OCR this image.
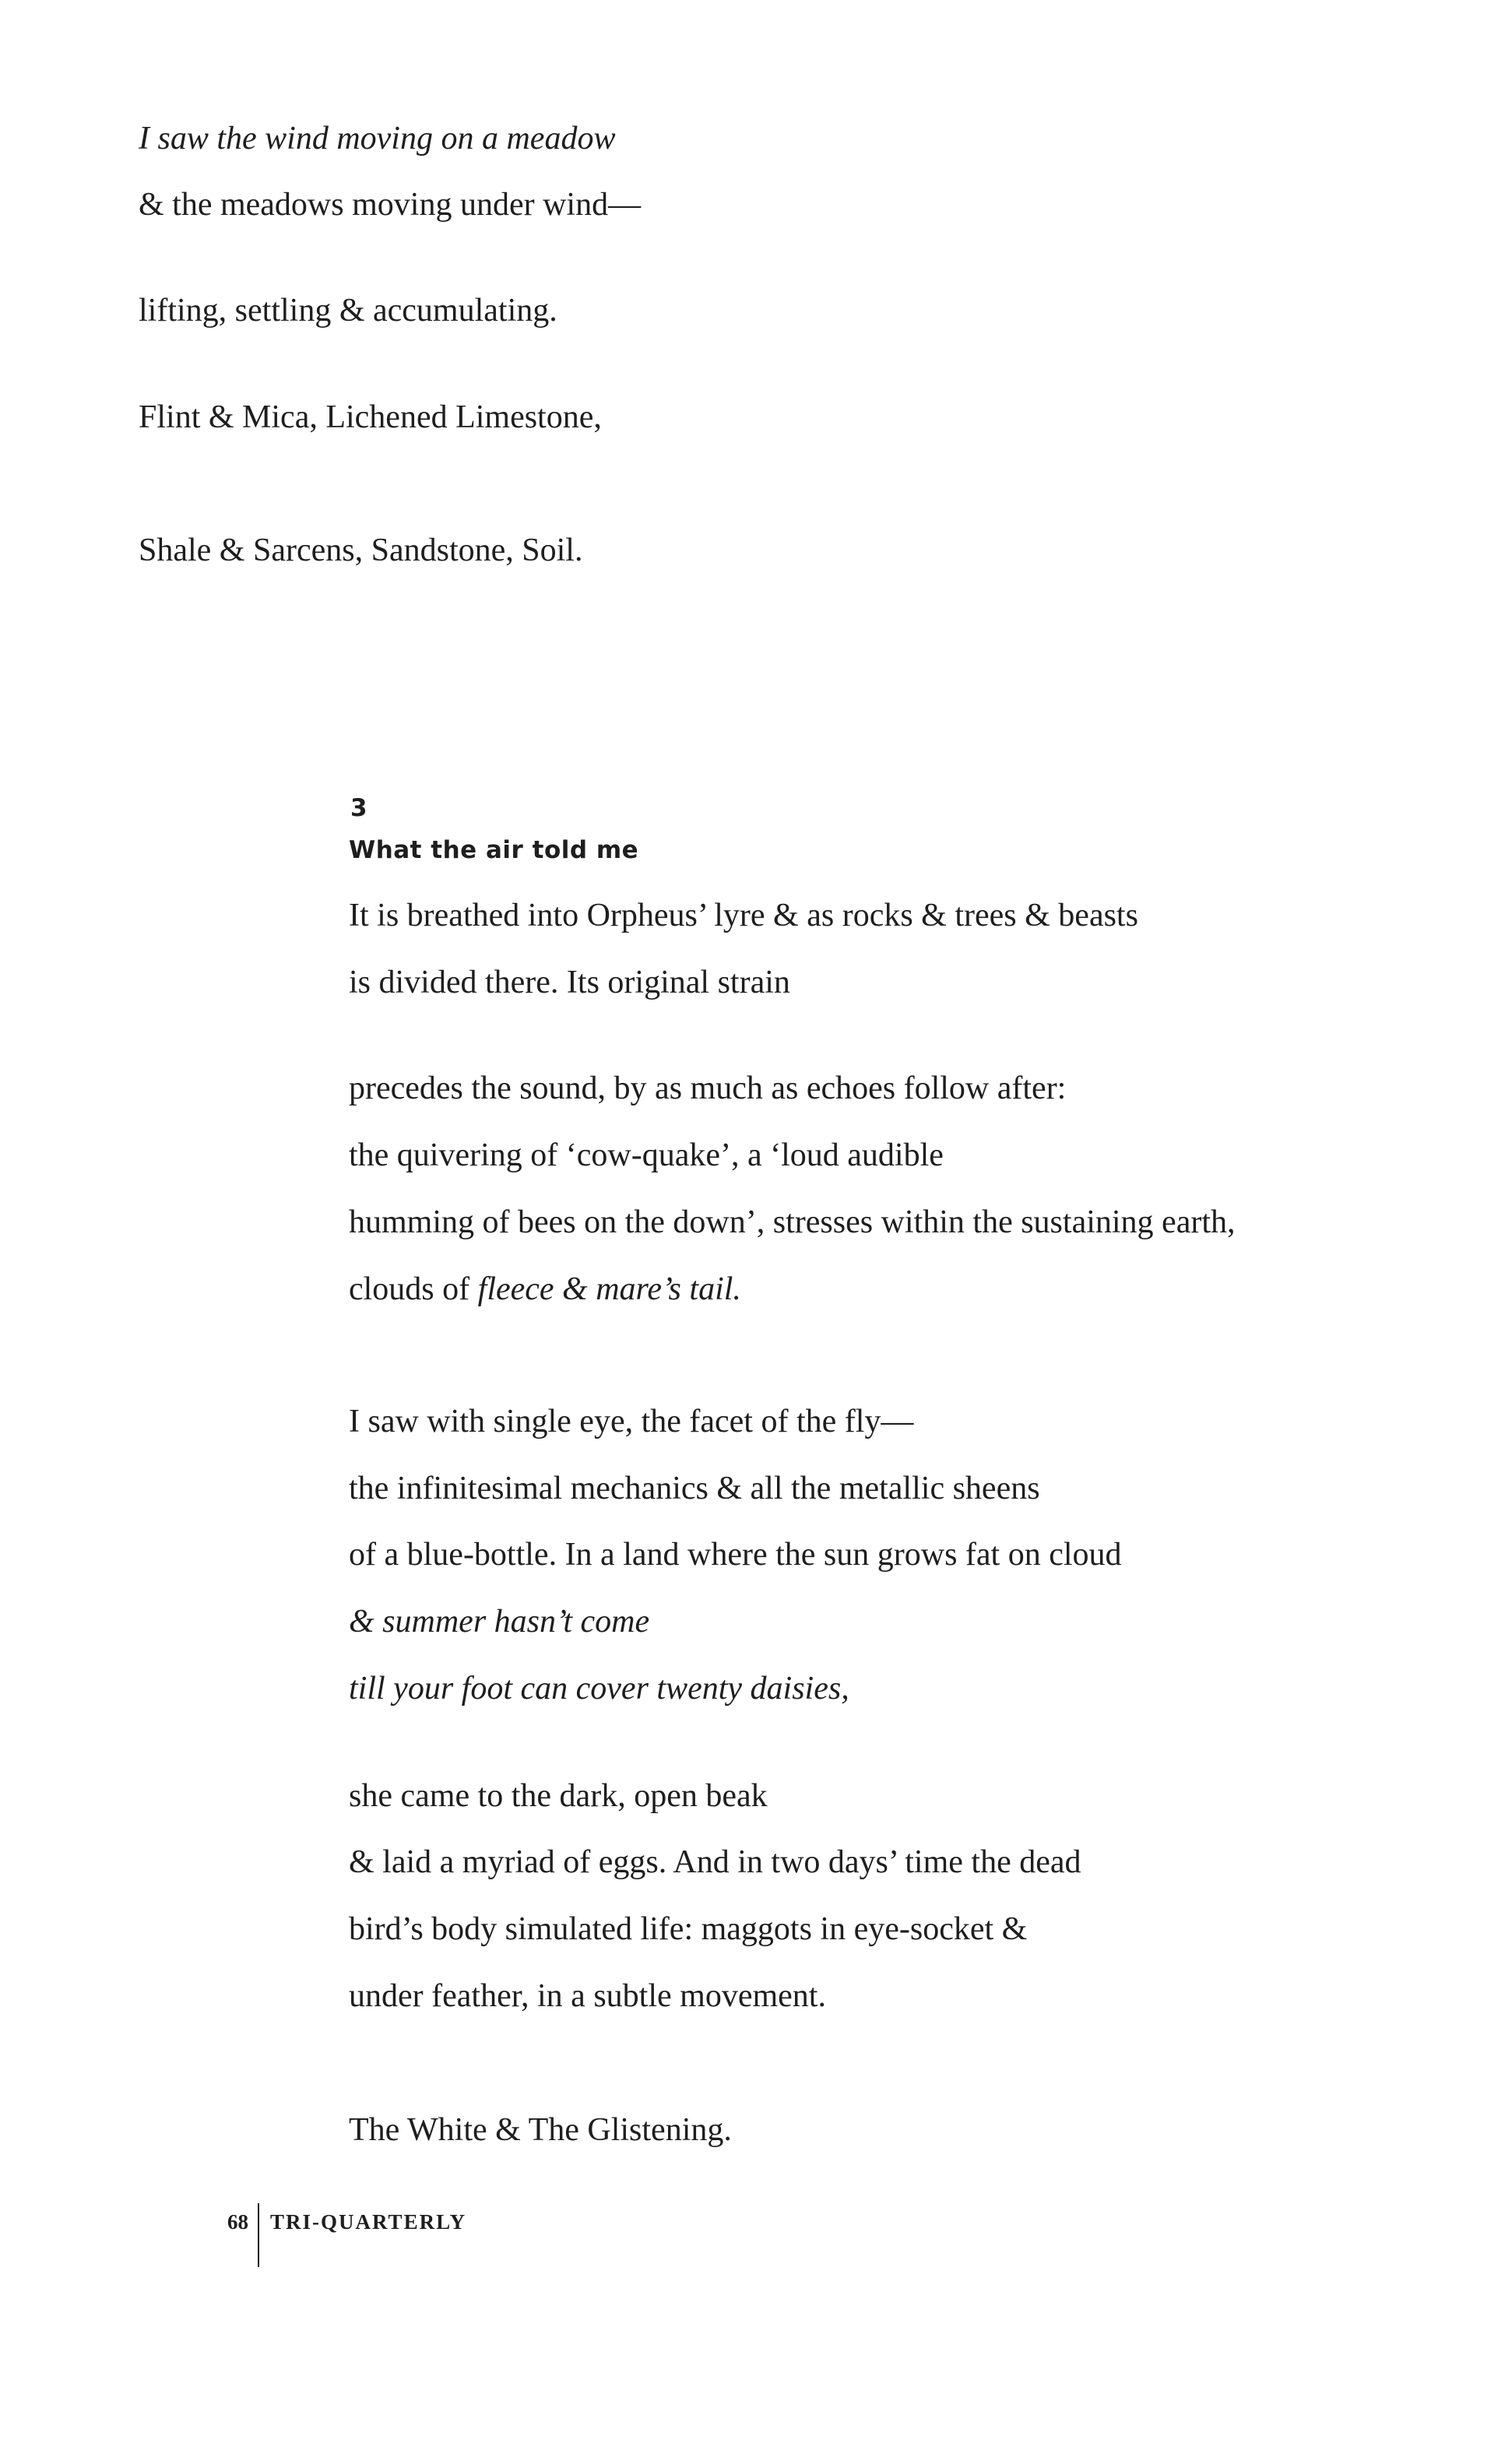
I saw the wind moving on a meadow
& the meadows moving under wind—
lifting, settling & accumulating.
Flint & Mica, Lichened Limestone,
Shale & Sarcens, Sandstone, Soil.
3
What the air told me
It is breathed into Orpheus’ lyre & as rocks & trees & beasts
is divided there. Its original strain
precedes the sound, by as much as echoes follow after:
the quivering of ‘cow-quake’, a ‘loud audible
humming of bees on the down’, stresses within the sustaining earth,
clouds of fleece & mare’s tail.
I saw with single eye, the facet of the fly—
the infinitesimal mechanics & all the metallic sheens
of a blue-bottle. In a land where the sun grows fat on cloud
& summer hasn’t come
till your foot can cover twenty daisies,
she came to the dark, open beak
& laid a myriad of eggs. And in two days’ time the dead
bird’s body simulated life: maggots in eye-socket &
under feather, in a subtle movement.
The White & The Glistening.
68	TRI-QUARTERLY
